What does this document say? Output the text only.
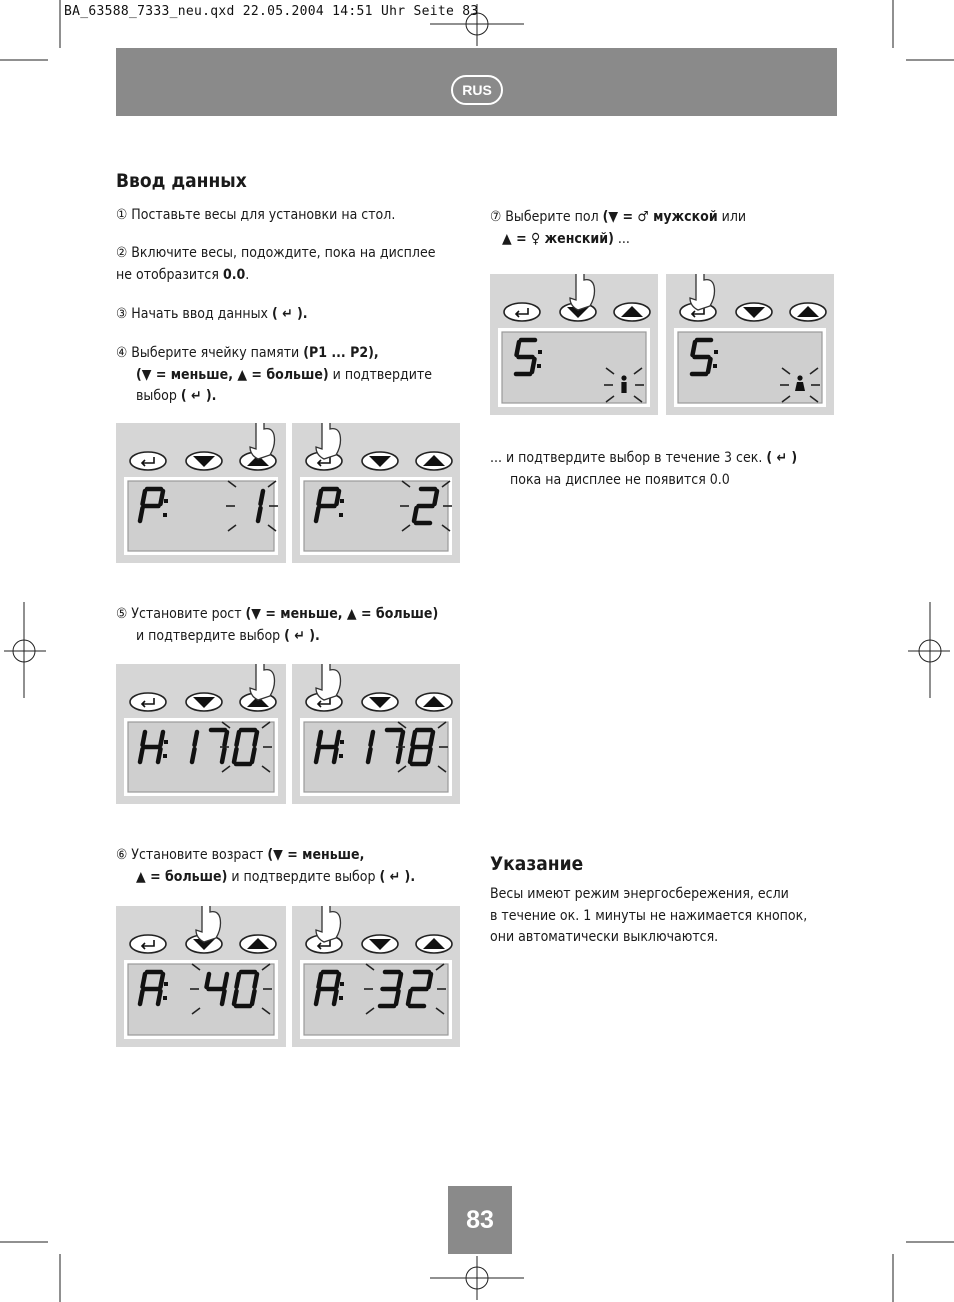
BA_63588_7333_neu.qxd 22.05.2004 14:51 Uhr Seite 83
RUS
Ввод данных
① Поставьте весы для установки на стол.
② Включите весы, подождите, пока на дисплее
не отобразится 0.0.
③ Начать ввод данных ( ↵ ).
④ Выберите ячейку памяти (P1 ... P2),
(▼ = меньше, ▲ = больше) и подтвердите
выбор ( ↵ ).
⑤ Установите рост (▼ = меньше, ▲ = больше)
и подтвердите выбор ( ↵ ).
⑥ Установите возраст (▼ = меньше,
▲ = больше) и подтвердите выбор ( ↵ ).
⑦ Выберите пол (▼ = ♂︎ мужской или
▲ = ♀︎ женский) ...
... и подтвердите выбор в течение 3 сек. ( ↵ )
пока на дисплее не появится 0.0
Указание
Весы имеют режим энергосбережения, если
в течение ок. 1 минуты не нажимается кнопок,
они автоматически выключаются.
83
